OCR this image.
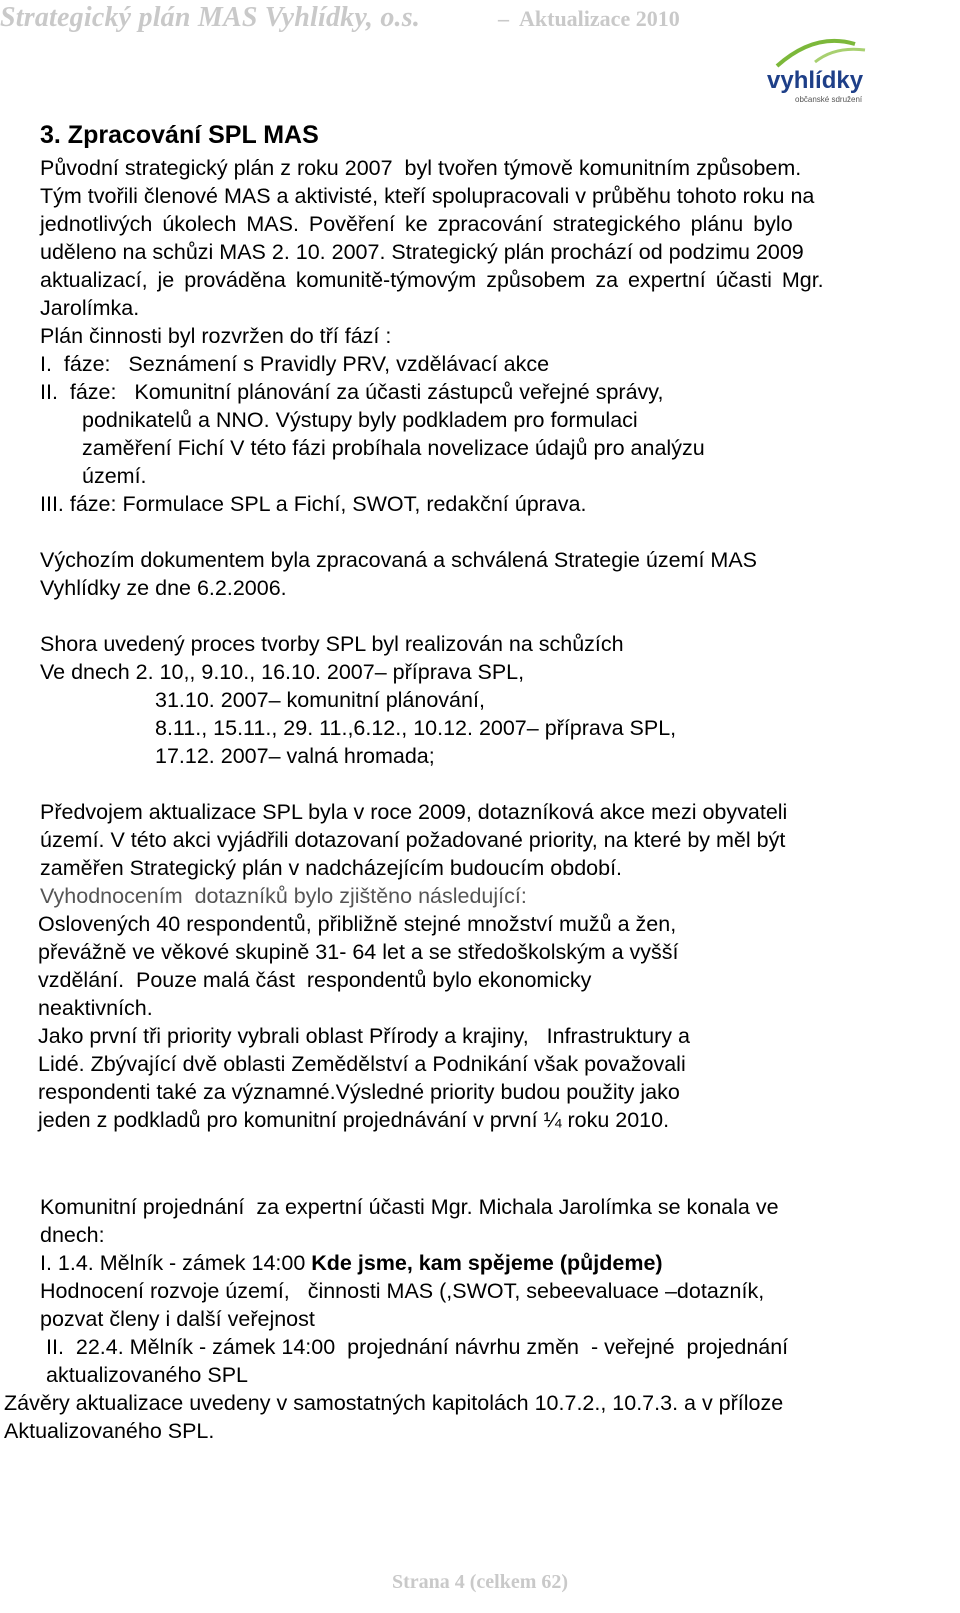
Strategický plán MAS Vyhlídky, o.s.	– Aktualizace 2010
vyhlídky
občanské sdružení
3. Zpracování SPL MAS
Původní strategický plán z roku 2007  byl tvořen týmově komunitním způsobem.
Tým tvořili členové MAS a aktivisté, kteří spolupracovali v průběhu tohoto roku na
jednotlivých úkolech MAS. Pověření ke zpracování strategického plánu bylo
uděleno na schůzi MAS 2. 10. 2007. Strategický plán prochází od podzimu 2009
aktualizací, je prováděna komunitě-týmovým způsobem za expertní účasti Mgr.
Jarolímka.
Plán činnosti byl rozvržen do tří fází :
I.  fáze:   Seznámení s Pravidly PRV, vzdělávací akce
II.  fáze:   Komunitní plánování za účasti zástupců veřejné správy,
podnikatelů a NNO. Výstupy byly podkladem pro formulaci
zaměření Fichí V této fázi probíhala novelizace údajů pro analýzu
území.
III. fáze: Formulace SPL a Fichí, SWOT, redakční úprava.
Výchozím dokumentem byla zpracovaná a schválená Strategie území MAS
Vyhlídky ze dne 6.2.2006.
Shora uvedený proces tvorby SPL byl realizován na schůzích
Ve dnech 2. 10,, 9.10., 16.10. 2007– příprava SPL,
31.10. 2007– komunitní plánování,
8.11., 15.11., 29. 11.,6.12., 10.12. 2007– příprava SPL,
17.12. 2007– valná hromada;
Předvojem aktualizace SPL byla v roce 2009, dotazníková akce mezi obyvateli
území. V této akci vyjádřili dotazovaní požadované priority, na které by měl být
zaměřen Strategický plán v nadcházejícím budoucím období.
Vyhodnocením  dotazníků bylo zjištěno následující:
Oslovených 40 respondentů, přibližně stejné množství mužů a žen,
převážně ve věkové skupině 31- 64 let a se středoškolským a vyšší
vzdělání.  Pouze malá část  respondentů bylo ekonomicky
neaktivních.
Jako první tři priority vybrali oblast Přírody a krajiny,   Infrastruktury a
Lidé. Zbývající dvě oblasti Zemědělství a Podnikání však považovali
respondenti také za významné.Výsledné priority budou použity jako
jeden z podkladů pro komunitní projednávání v první ¼ roku 2010.
Komunitní projednání  za expertní účasti Mgr. Michala Jarolímka se konala ve
dnech:
I. 1.4. Mělník - zámek 14:00 Kde jsme, kam spějeme (půjdeme)
Hodnocení rozvoje území,   činnosti MAS (,SWOT, sebeevaluace –dotazník,
pozvat členy i další veřejnost
II.  22.4. Mělník - zámek 14:00  projednání návrhu změn  - veřejné  projednání
aktualizovaného SPL
Závěry aktualizace uvedeny v samostatných kapitolách 10.7.2., 10.7.3. a v příloze
Aktualizovaného SPL.
Strana 4 (celkem 62)
